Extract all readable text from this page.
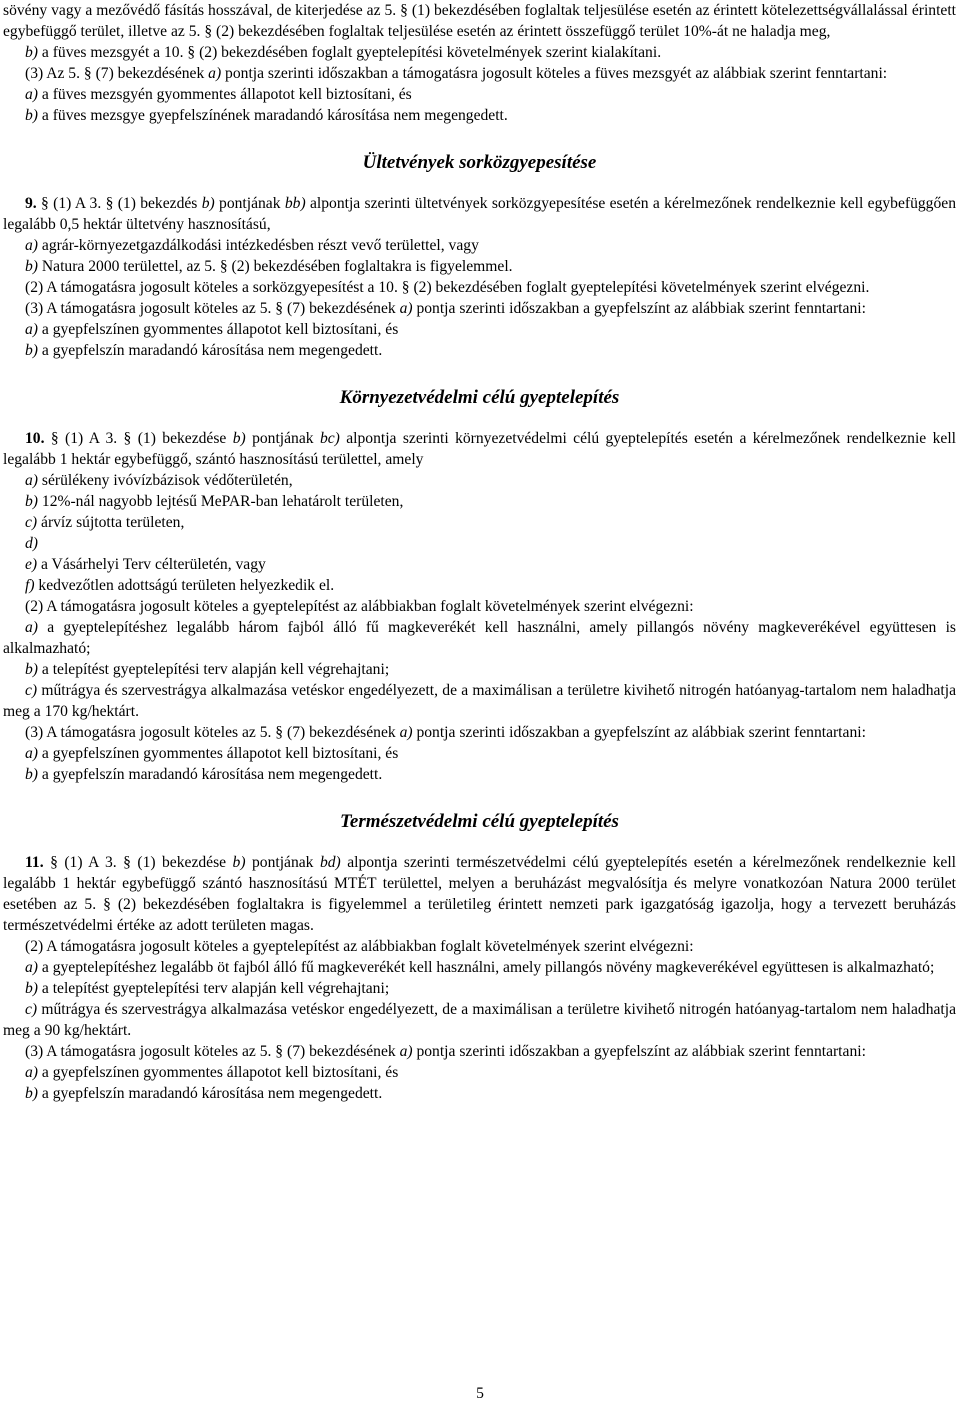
sövény vagy a mezővédő fásítás hosszával, de kiterjedése az 5. § (1) bekezdésében foglaltak teljesülése esetén az érintett kötelezettségvállalással érintett egybefüggő terület, illetve az 5. § (2) bekezdésében foglaltak teljesülése esetén az érintett összefüggő terület 10%-át ne haladja meg,

b) a füves mezsgyét a 10. § (2) bekezdésében foglalt gyeptelepítési követelmények szerint kialakítani.

(3) Az 5. § (7) bekezdésének a) pontja szerinti időszakban a támogatásra jogosult köteles a füves mezsgyét az alábbiak szerint fenntartani:

a) a füves mezsgyén gyommentes állapotot kell biztosítani, és

b) a füves mezsgye gyepfelszínének maradandó károsítása nem megengedett.

Ültetvények sorközgyepesítése

9. § (1) A 3. § (1) bekezdés b) pontjának bb) alpontja szerinti ültetvények sorközgyepesítése esetén a kérelmezőnek rendelkeznie kell egybefüggően legalább 0,5 hektár ültetvény hasznosítású,

a) agrár-környezetgazdálkodási intézkedésben részt vevő területtel, vagy

b) Natura 2000 területtel, az 5. § (2) bekezdésében foglaltakra is figyelemmel.

(2) A támogatásra jogosult köteles a sorközgyepesítést a 10. § (2) bekezdésében foglalt gyeptelepítési követelmények szerint elvégezni.

(3) A támogatásra jogosult köteles az 5. § (7) bekezdésének a) pontja szerinti időszakban a gyepfelszínt az alábbiak szerint fenntartani:

a) a gyepfelszínen gyommentes állapotot kell biztosítani, és

b) a gyepfelszín maradandó károsítása nem megengedett.

Környezetvédelmi célú gyeptelepítés

10. § (1) A 3. § (1) bekezdése b) pontjának bc) alpontja szerinti környezetvédelmi célú gyeptelepítés esetén a kérelmezőnek rendelkeznie kell legalább 1 hektár egybefüggő, szántó hasznosítású területtel, amely

a) sérülékeny ivóvízbázisok védőterületén,

b) 12%-nál nagyobb lejtésű MePAR-ban lehatárolt területen,

c) árvíz sújtotta területen,

d)

e) a Vásárhelyi Terv célterületén, vagy

f) kedvezőtlen adottságú területen helyezkedik el.

(2) A támogatásra jogosult köteles a gyeptelepítést az alábbiakban foglalt követelmények szerint elvégezni:

a) a gyeptelepítéshez legalább három fajból álló fű magkeverékét kell használni, amely pillangós növény magkeverékével együttesen is alkalmazható;

b) a telepítést gyeptelepítési terv alapján kell végrehajtani;

c) műtrágya és szervestrágya alkalmazása vetéskor engedélyezett, de a maximálisan a területre kivihető nitrogén hatóanyag-tartalom nem haladhatja meg a 170 kg/hektárt.

(3) A támogatásra jogosult köteles az 5. § (7) bekezdésének a) pontja szerinti időszakban a gyepfelszínt az alábbiak szerint fenntartani:

a) a gyepfelszínen gyommentes állapotot kell biztosítani, és

b) a gyepfelszín maradandó károsítása nem megengedett.

Természetvédelmi célú gyeptelepítés

11. § (1) A 3. § (1) bekezdése b) pontjának bd) alpontja szerinti természetvédelmi célú gyeptelepítés esetén a kérelmezőnek rendelkeznie kell legalább 1 hektár egybefüggő szántó hasznosítású MTÉT területtel, melyen a beruházást megvalósítja és melyre vonatkozóan Natura 2000 terület esetében az 5. § (2) bekezdésében foglaltakra is figyelemmel a területileg érintett nemzeti park igazgatóság igazolja, hogy a tervezett beruházás természetvédelmi értéke az adott területen magas.

(2) A támogatásra jogosult köteles a gyeptelepítést az alábbiakban foglalt követelmények szerint elvégezni:

a) a gyeptelepítéshez legalább öt fajból álló fű magkeverékét kell használni, amely pillangós növény magkeverékével együttesen is alkalmazható;

b) a telepítést gyeptelepítési terv alapján kell végrehajtani;

c) műtrágya és szervestrágya alkalmazása vetéskor engedélyezett, de a maximálisan a területre kivihető nitrogén hatóanyag-tartalom nem haladhatja meg a 90 kg/hektárt.

(3) A támogatásra jogosult köteles az 5. § (7) bekezdésének a) pontja szerinti időszakban a gyepfelszínt az alábbiak szerint fenntartani:

a) a gyepfelszínen gyommentes állapotot kell biztosítani, és

b) a gyepfelszín maradandó károsítása nem megengedett.

5
